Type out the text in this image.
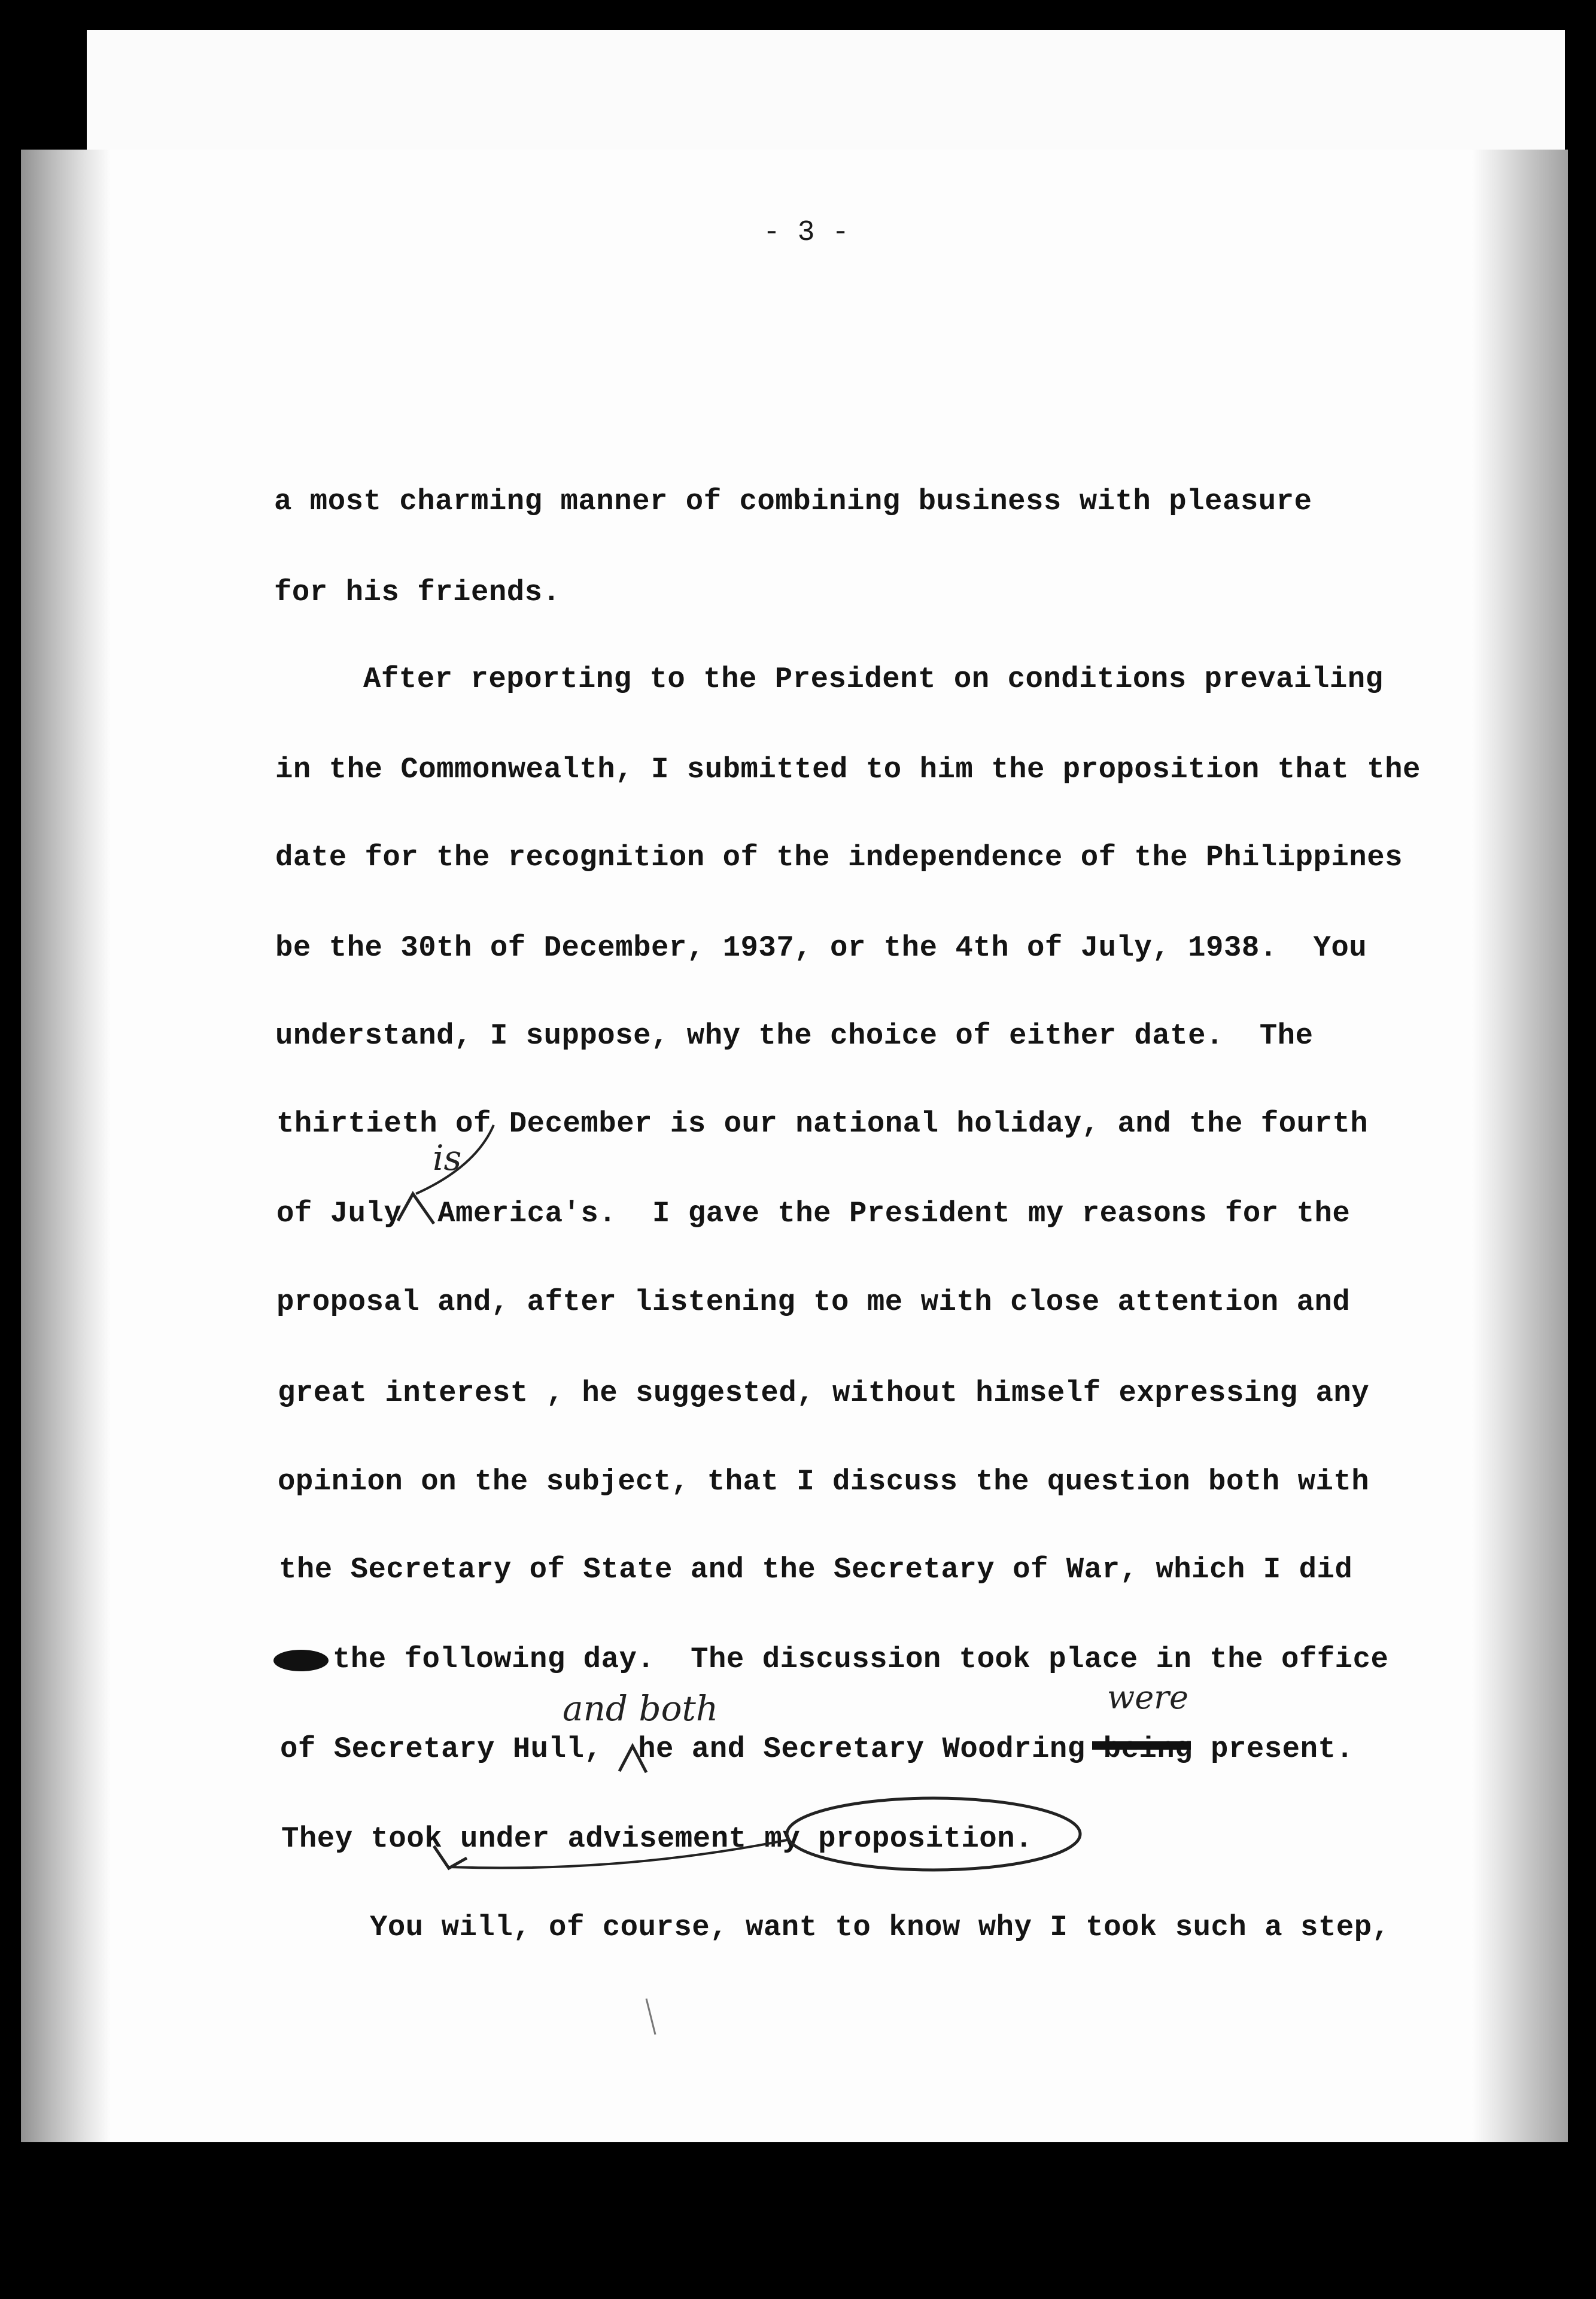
- 3 -
a most charming manner of combining business with pleasure
for his friends.
After reporting to the President on conditions prevailing
in the Commonwealth, I submitted to him the proposition that the
date for the recognition of the independence of the Philippines
be the 30th of December, 1937, or the 4th of July, 1938.  You
understand, I suppose, why the choice of either date.  The
thirtieth of December is our national holiday, and the fourth
of July  America's.  I gave the President my reasons for the
proposal and, after listening to me with close attention and
great interest , he suggested, without himself expressing any
opinion on the subject, that I discuss the question both with
the Secretary of State and the Secretary of War, which I did
the following day.  The discussion took place in the office
of Secretary Hull,  he and Secretary Woodring being present.
They took under advisement my proposition.
You will, of course, want to know why I took such a step,
is
and both	were
